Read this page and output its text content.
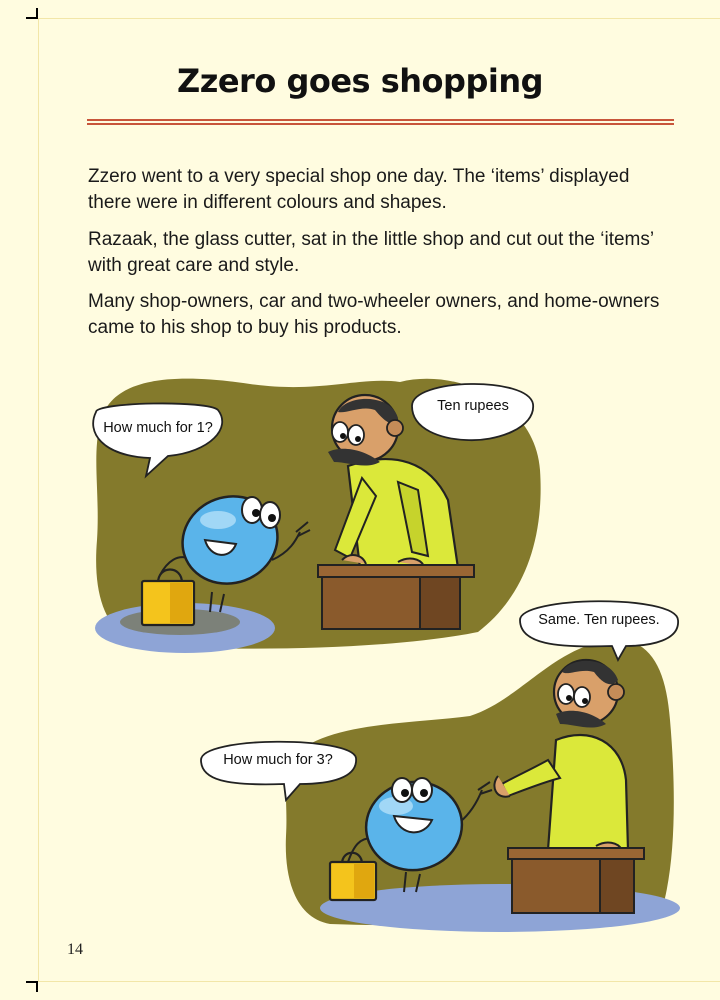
Zzero goes shopping

Zzero went to a very special shop one day. The ‘items’ displayed there were in different colours and shapes.

Razaak, the glass cutter, sat in the little shop and cut out the ‘items’ with great care and style.

Many shop-owners, car and two-wheeler owners, and home-owners came to his shop to buy his products.

How much for 1?
Ten rupees
How much for 3?
Same. Ten rupees.
14
